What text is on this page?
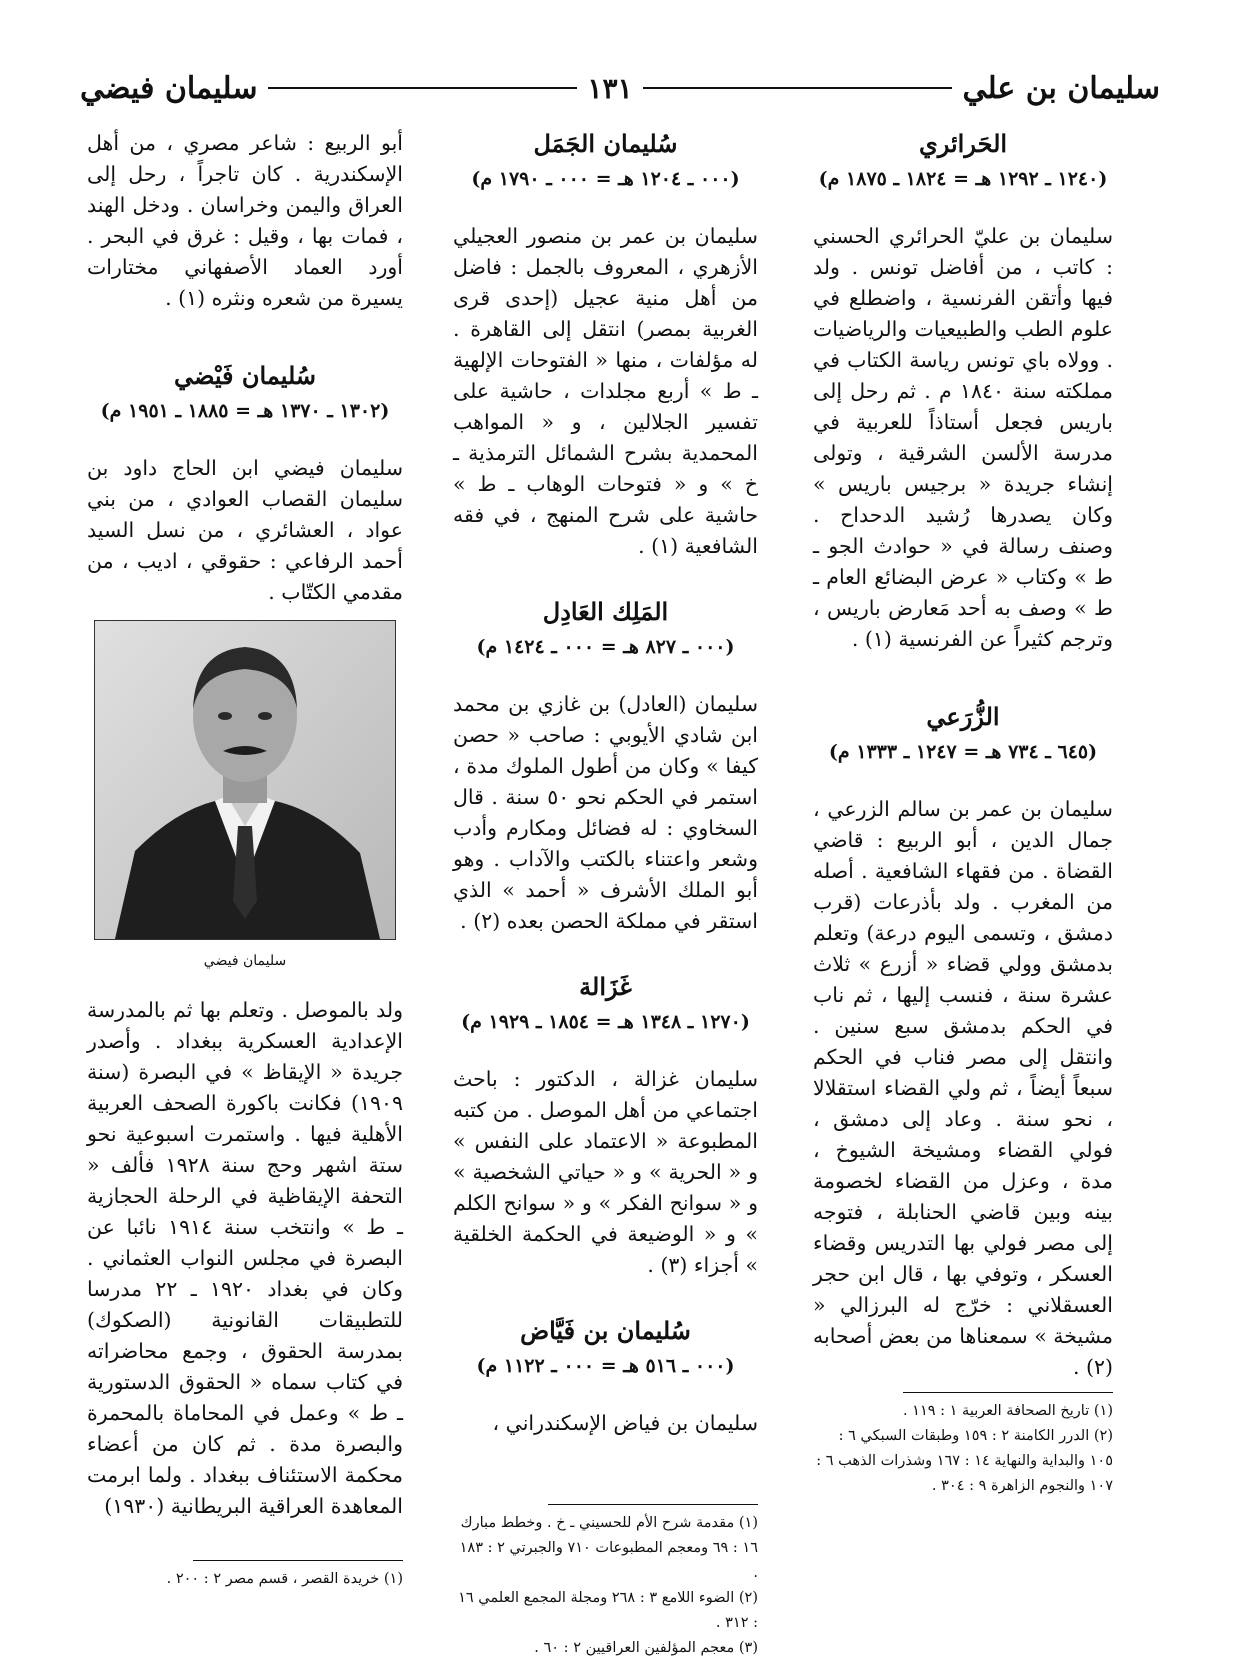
سليمان بن علي
١٣١
سليمان فيضي

الحَرائري

(١٢٤٠ ـ ١٢٩٢ هـ = ١٨٢٤ ـ ١٨٧٥ م)

سليمان بن عليّ الحرائري الحسني : كاتب ، من أفاضل تونس . ولد فيها وأتقن الفرنسية ، واضطلع في علوم الطب والطبيعيات والرياضيات . وولاه باي تونس رياسة الكتاب في مملكته سنة ١٨٤٠ م . ثم رحل إلى باريس فجعل أستاذاً للعربية في مدرسة الألسن الشرقية ، وتولى إنشاء جريدة « برجيس باريس » وكان يصدرها رُشيد الدحداح . وصنف رسالة في « حوادث الجو ـ ط » وكتاب « عرض البضائع العام ـ ط » وصف به أحد مَعارض باريس ، وترجم كثيراً عن الفرنسية (١) .

الزُّرَعي

(٦٤٥ ـ ٧٣٤ هـ = ١٢٤٧ ـ ١٣٣٣ م)

سليمان بن عمر بن سالم الزرعي ، جمال الدين ، أبو الربيع : قاضي القضاة . من فقهاء الشافعية . أصله من المغرب . ولد بأذرعات (قرب دمشق ، وتسمى اليوم درعة) وتعلم بدمشق وولي قضاء « أزرع » ثلاث عشرة سنة ، فنسب إليها ، ثم ناب في الحكم بدمشق سبع سنين . وانتقل إلى مصر فناب في الحكم سبعاً أيضاً ، ثم ولي القضاء استقلالا ، نحو سنة . وعاد إلى دمشق ، فولي القضاء ومشيخة الشيوخ ، مدة ، وعزل من القضاء لخصومة بينه وبين قاضي الحنابلة ، فتوجه إلى مصر فولي بها التدريس وقضاء العسكر ، وتوفي بها ، قال ابن حجر العسقلاني : خرّج له البرزالي « مشيخة » سمعناها من بعض أصحابه (٢) .

سُليمان الجَمَل

(٠٠٠ ـ ١٢٠٤ هـ = ٠٠٠ ـ ١٧٩٠ م)

سليمان بن عمر بن منصور العجيلي الأزهري ، المعروف بالجمل : فاضل من أهل منية عجيل (إحدى قرى الغربية بمصر) انتقل إلى القاهرة . له مؤلفات ، منها « الفتوحات الإلهية ـ ط » أربع مجلدات ، حاشية على تفسير الجلالين ، و « المواهب المحمدية بشرح الشمائل الترمذية ـ خ » و « فتوحات الوهاب ـ ط » حاشية على شرح المنهج ، في فقه الشافعية (١) .

المَلِك العَادِل

(٠٠٠ ـ ٨٢٧ هـ = ٠٠٠ ـ ١٤٢٤ م)

سليمان (العادل) بن غازي بن محمد ابن شادي الأيوبي : صاحب « حصن كيفا » وكان من أطول الملوك مدة ، استمر في الحكم نحو ٥٠ سنة . قال السخاوي : له فضائل ومكارم وأدب وشعر واعتناء بالكتب والآداب . وهو أبو الملك الأشرف « أحمد » الذي استقر في مملكة الحصن بعده (٢) .

غَزَالة

(١٢٧٠ ـ ١٣٤٨ هـ = ١٨٥٤ ـ ١٩٢٩ م)

سليمان غزالة ، الدكتور : باحث اجتماعي من أهل الموصل . من كتبه المطبوعة « الاعتماد على النفس » و « الحرية » و « حياتي الشخصية » و « سوانح الفكر » و « سوانح الكلم » و « الوضيعة في الحكمة الخلقية » أجزاء (٣) .

سُليمان بن فَيَّاض

(٠٠٠ ـ ٥١٦ هـ = ٠٠٠ ـ ١١٢٢ م)

سليمان بن فياض الإسكندراني ،

أبو الربيع : شاعر مصري ، من أهل الإسكندرية . كان تاجراً ، رحل إلى العراق واليمن وخراسان . ودخل الهند ، فمات بها ، وقيل : غرق في البحر . أورد العماد الأصفهاني مختارات يسيرة من شعره ونثره (١) .

سُليمان فَيْضي

(١٣٠٢ ـ ١٣٧٠ هـ = ١٨٨٥ ـ ١٩٥١ م)

سليمان فيضي ابن الحاج داود بن سليمان القصاب العوادي ، من بني عواد ، العشائري ، من نسل السيد أحمد الرفاعي : حقوقي ، اديب ، من مقدمي الكتّاب .

سليمان فيضي

ولد بالموصل . وتعلم بها ثم بالمدرسة الإعدادية العسكرية ببغداد . وأصدر جريدة « الإيقاظ » في البصرة (سنة ١٩٠٩) فكانت باكورة الصحف العربية الأهلية فيها . واستمرت اسبوعية نحو ستة اشهر وحج سنة ١٩٢٨ فألف « التحفة الإيقاظية في الرحلة الحجازية ـ ط » وانتخب سنة ١٩١٤ نائبا عن البصرة في مجلس النواب العثماني . وكان في بغداد ١٩٢٠ ـ ٢٢ مدرسا للتطبيقات القانونية (الصكوك) بمدرسة الحقوق ، وجمع محاضراته في كتاب سماه « الحقوق الدستورية ـ ط » وعمل في المحاماة بالمحمرة والبصرة مدة . ثم كان من أعضاء محكمة الاستئناف ببغداد . ولما ابرمت المعاهدة العراقية البريطانية (١٩٣٠)

(١) تاريخ الصحافة العربية ١ : ١١٩ .

(٢) الدرر الكامنة ٢ : ١٥٩ وطبقات السبكي ٦ : ١٠٥ والبداية والنهاية ١٤ : ١٦٧ وشذرات الذهب ٦ : ١٠٧ والنجوم الزاهرة ٩ : ٣٠٤ .

(١) مقدمة شرح الأم للحسيني ـ خ . وخطط مبارك ١٦ : ٦٩ ومعجم المطبوعات ٧١٠ والجبرتي ٢ : ١٨٣ .

(٢) الضوء اللامع ٣ : ٢٦٨ ومجلة المجمع العلمي ١٦ : ٣١٢ .

(٣) معجم المؤلفين العراقيين ٢ : ٦٠ .

(١) خريدة القصر ، قسم مصر ٢ : ٢٠٠ .
